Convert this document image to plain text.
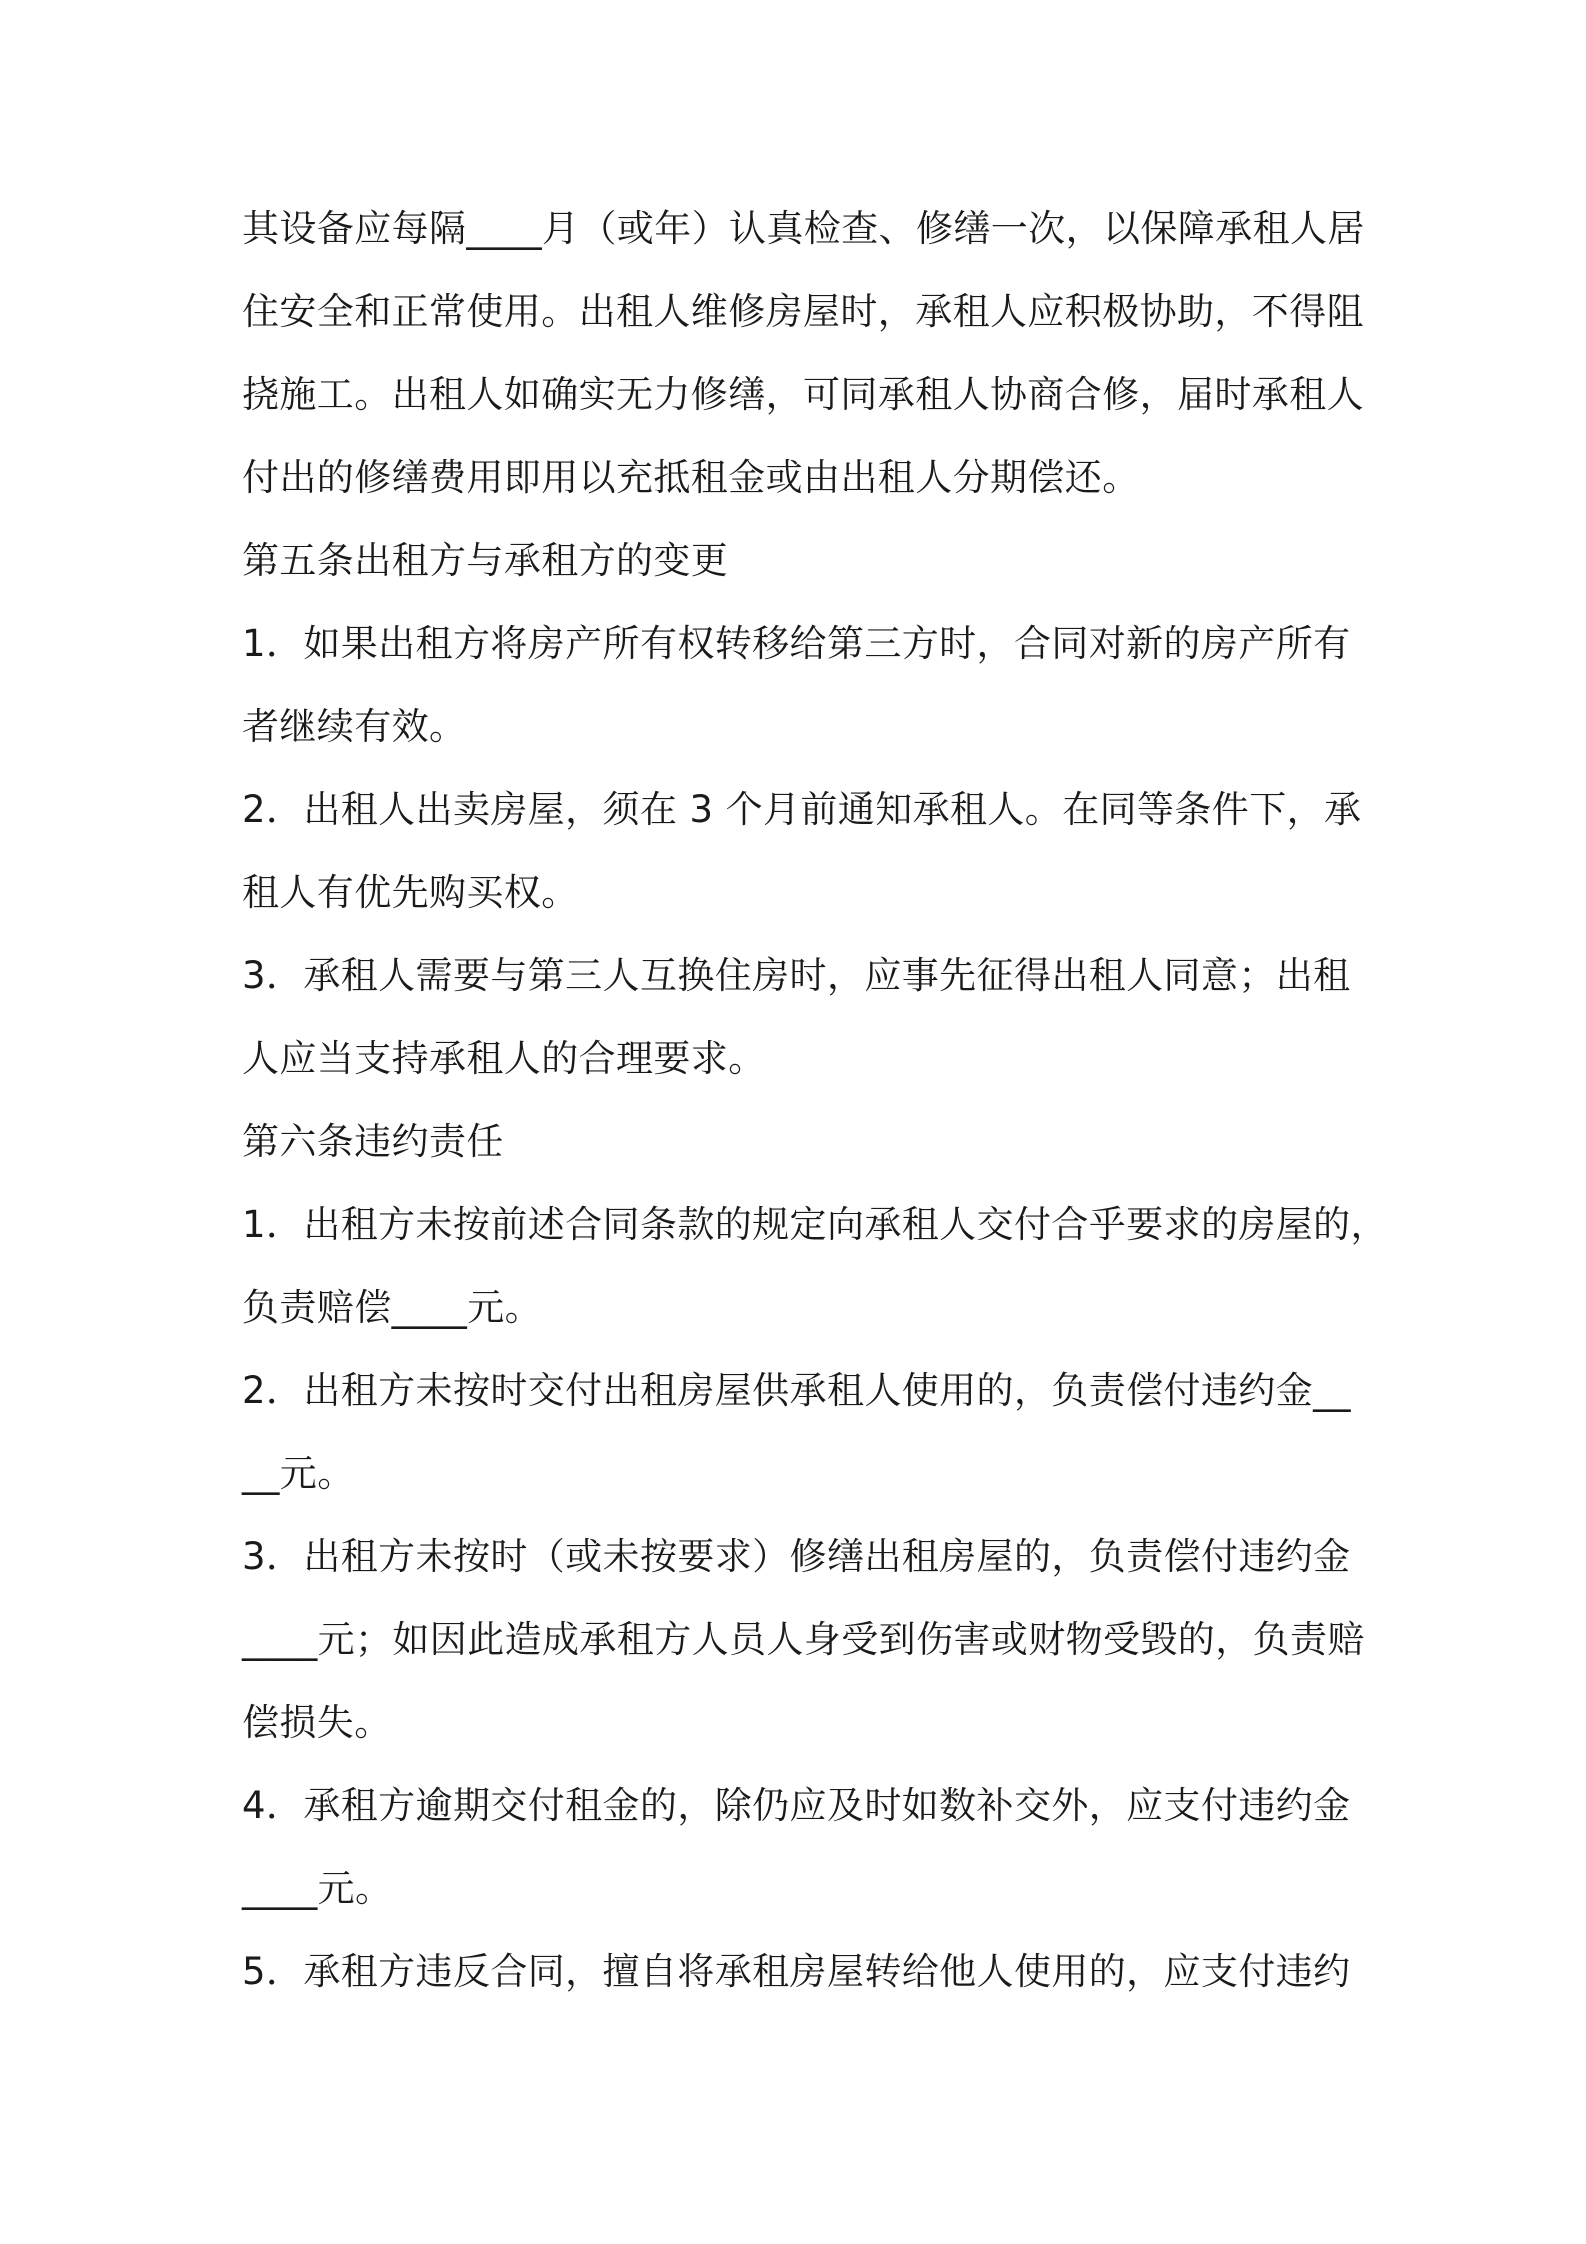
其设备应每隔____月（或年）认真检查、修缮一次，以保障承租人居

住安全和正常使用。出租人维修房屋时，承租人应积极协助，不得阻

挠施工。出租人如确实无力修缮，可同承租人协商合修，届时承租人

付出的修缮费用即用以充抵租金或由出租人分期偿还。

第五条出租方与承租方的变更

1．如果出租方将房产所有权转移给第三方时，合同对新的房产所有

者继续有效。

2．出租人出卖房屋，须在 3 个月前通知承租人。在同等条件下，承

租人有优先购买权。

3．承租人需要与第三人互换住房时，应事先征得出租人同意；出租

人应当支持承租人的合理要求。

第六条违约责任

1．出租方未按前述合同条款的规定向承租人交付合乎要求的房屋的，

负责赔偿____元。

2．出租方未按时交付出租房屋供承租人使用的，负责偿付违约金__

__元。

3．出租方未按时（或未按要求）修缮出租房屋的，负责偿付违约金

____元；如因此造成承租方人员人身受到伤害或财物受毁的，负责赔

偿损失。

4．承租方逾期交付租金的，除仍应及时如数补交外，应支付违约金

____元。

5．承租方违反合同，擅自将承租房屋转给他人使用的，应支付违约
